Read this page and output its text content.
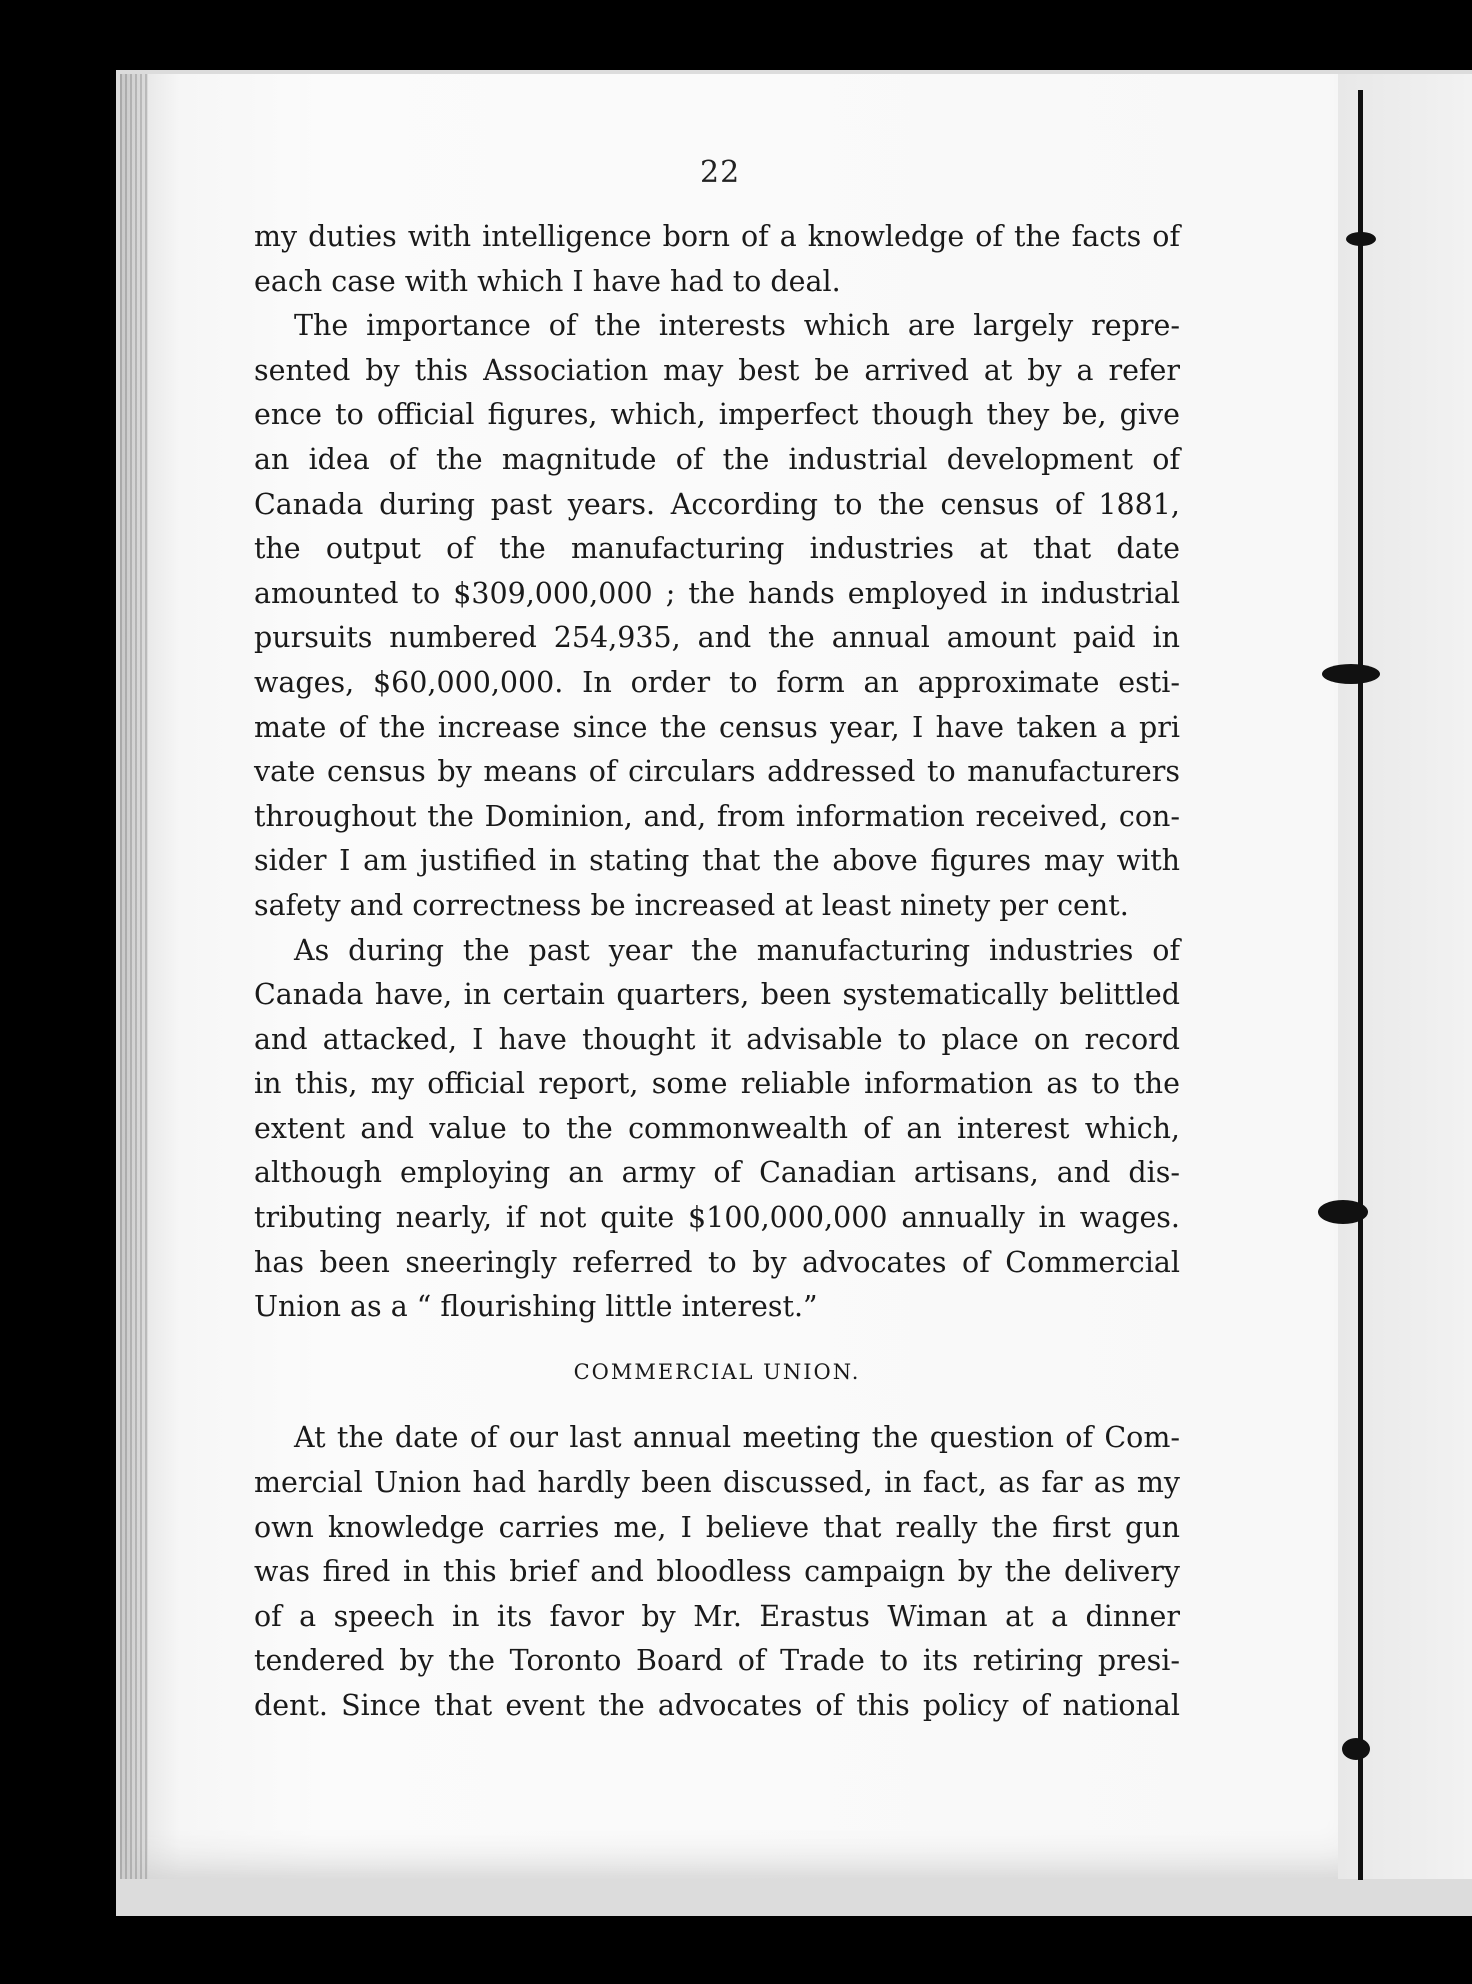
22
my duties with intelligence born of a knowledge of the facts of
each case with which I have had to deal.
The importance of the interests which are largely repre-
sented by this Association may best be arrived at by a refer
ence to official figures, which, imperfect though they be, give
an idea of the magnitude of the industrial development of
Canada during past years. According to the census of 1881,
the output of the manufacturing industries at that date
amounted to $309,000,000 ; the hands employed in industrial
pursuits numbered 254,935, and the annual amount paid in
wages, $60,000,000. In order to form an approximate esti-
mate of the increase since the census year, I have taken a pri
vate census by means of circulars addressed to manufacturers
throughout the Dominion, and, from information received, con-
sider I am justified in stating that the above figures may with
safety and correctness be increased at least ninety per cent.
As during the past year the manufacturing industries of
Canada have, in certain quarters, been systematically belittled
and attacked, I have thought it advisable to place on record
in this, my official report, some reliable information as to the
extent and value to the commonwealth of an interest which,
although employing an army of Canadian artisans, and dis-
tributing nearly, if not quite $100,000,000 annually in wages.
has been sneeringly referred to by advocates of Commercial
Union as a “ flourishing little interest.”
COMMERCIAL UNION.
At the date of our last annual meeting the question of Com-
mercial Union had hardly been discussed, in fact, as far as my
own knowledge carries me, I believe that really the first gun
was fired in this brief and bloodless campaign by the delivery
of a speech in its favor by Mr. Erastus Wiman at a dinner
tendered by the Toronto Board of Trade to its retiring presi-
dent. Since that event the advocates of this policy of national
